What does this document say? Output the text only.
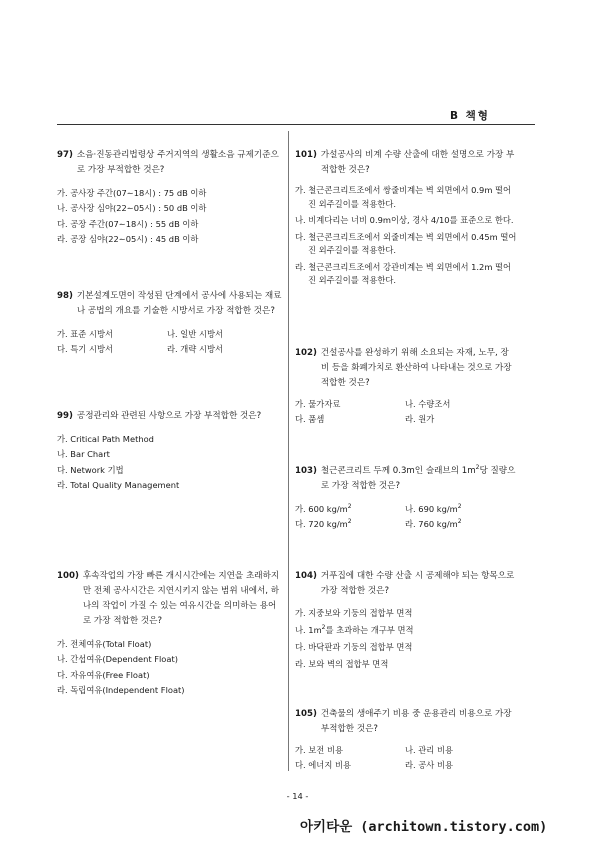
B 책형
97) 소음·진동관리법령상 주거지역의 생활소음 규제기준으로 가장 부적합한 것은?
가. 공사장 주간(07∼18시) : 75 dB 이하
나. 공사장 심야(22∼05시) : 50 dB 이하
다. 공장 주간(07∼18시) : 55 dB 이하
라. 공장 심야(22∼05시) : 45 dB 이하
98) 기본설계도면이 작성된 단계에서 공사에 사용되는 재료나 공법의 개요를 기술한 시방서로 가장 적합한 것은?
가. 표준 시방서	나. 일반 시방서
다. 특기 시방서	라. 개략 시방서
99) 공정관리와 관련된 사항으로 가장 부적합한 것은?
가. Critical Path Method
나. Bar Chart
다. Network 기법
라. Total Quality Management
100) 후속작업의 가장 빠른 개시시간에는 지연을 초래하지만 전체 공사시간은 지연시키지 않는 범위 내에서, 하나의 작업이 가질 수 있는 여유시간을 의미하는 용어로 가장 적합한 것은?
가. 전체여유(Total Float)
나. 간섭여유(Dependent Float)
다. 자유여유(Free Float)
라. 독립여유(Independent Float)
101) 가설공사의 비계 수량 산출에 대한 설명으로 가장 부적합한 것은?
가. 철근콘크리트조에서 쌍줄비계는 벽 외면에서 0.9m 떨어진 외주길이를 적용한다.
나. 비계다리는 너비 0.9m이상, 경사 4/10를 표준으로 한다.
다. 철근콘크리트조에서 외줄비계는 벽 외면에서 0.45m 떨어진 외주길이를 적용한다.
라. 철근콘크리트조에서 강관비계는 벽 외면에서 1.2m 떨어진 외주길이를 적용한다.
102) 건설공사를 완성하기 위해 소요되는 자재, 노무, 장비 등을 화폐가치로 환산하여 나타내는 것으로 가장 적합한 것은?
가. 물가자료	나. 수량조서
다. 품셈	라. 원가
103) 철근콘크리트 두께 0.3m인 슬래브의 $1m^2$당 질량으로 가장 적합한 것은?
가. 600 $kg/m^2$	나. 690 $kg/m^2$
다. 720 $kg/m^2$	라. 760 $kg/m^2$
104) 거푸집에 대한 수량 산출 시 공제해야 되는 항목으로 가장 적합한 것은?
가. 지중보와 기둥의 접합부 면적
나. $1m^2$를 초과하는 개구부 면적
다. 바닥판과 기둥의 접합부 면적
라. 보와 벽의 접합부 면적
105) 건축물의 생애주기 비용 중 운용관리 비용으로 가장 부적합한 것은?
가. 보전 비용	나. 관리 비용
다. 에너지 비용	라. 공사 비용
- 14 -
아키타운 (architown.tistory.com)
